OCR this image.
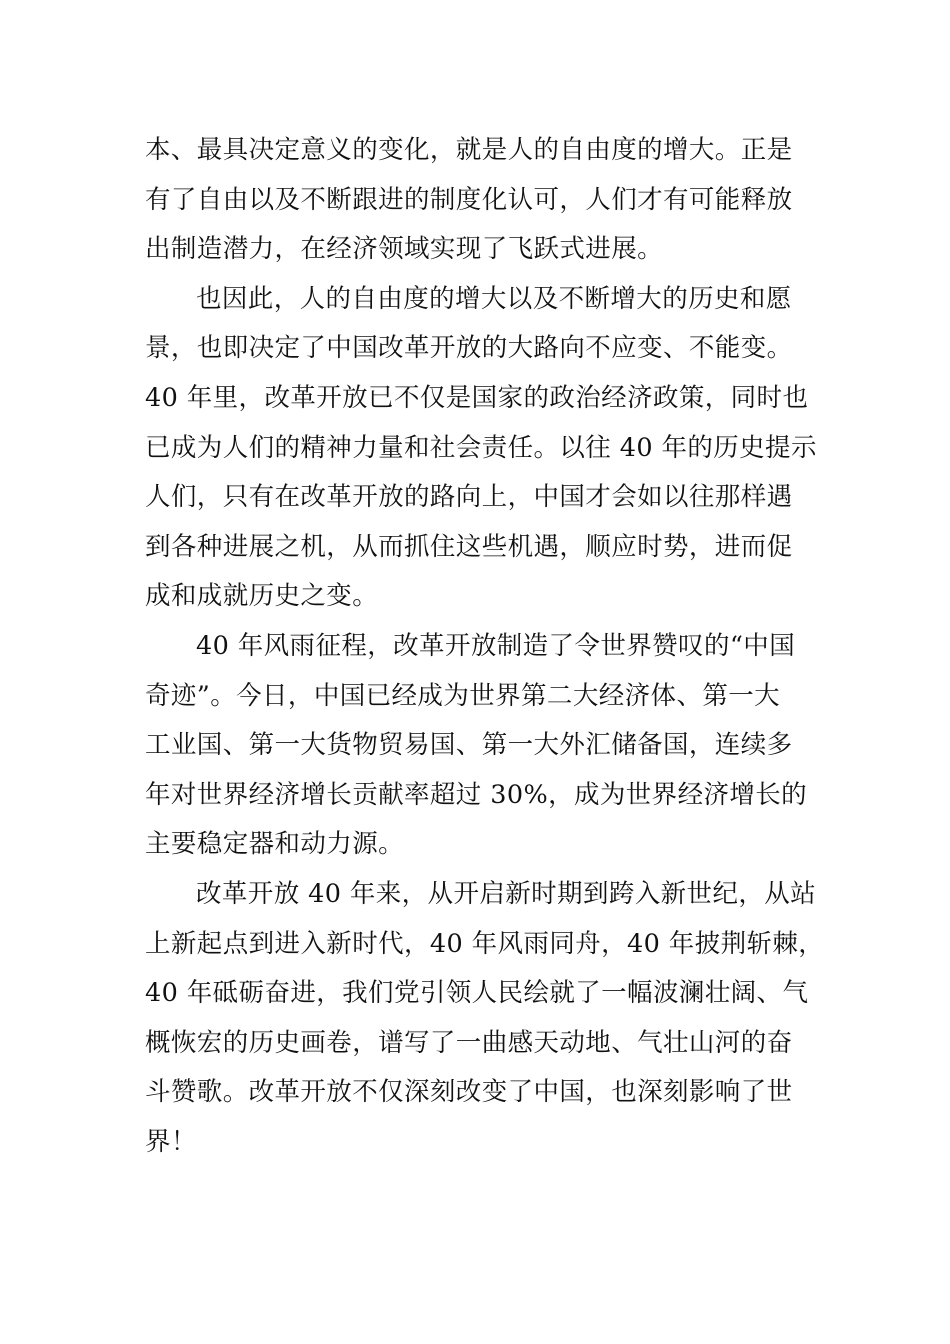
本、最具决定意义的变化，就是人的自由度的增大。正是
有了自由以及不断跟进的制度化认可，人们才有可能释放
出制造潜力，在经济领域实现了飞跃式进展。
也因此，人的自由度的增大以及不断增大的历史和愿
景，也即决定了中国改革开放的大路向不应变、不能变。
40 年里，改革开放已不仅是国家的政治经济政策，同时也
已成为人们的精神力量和社会责任。以往 40 年的历史提示
人们，只有在改革开放的路向上，中国才会如以往那样遇
到各种进展之机，从而抓住这些机遇，顺应时势，进而促
成和成就历史之变。
40 年风雨征程，改革开放制造了令世界赞叹的“中国
奇迹”。今日，中国已经成为世界第二大经济体、第一大
工业国、第一大货物贸易国、第一大外汇储备国，连续多
年对世界经济增长贡献率超过 30%，成为世界经济增长的
主要稳定器和动力源。
改革开放 40 年来，从开启新时期到跨入新世纪，从站
上新起点到进入新时代，40 年风雨同舟，40 年披荆斩棘，
40 年砥砺奋进，我们党引领人民绘就了一幅波澜壮阔、气
概恢宏的历史画卷，谱写了一曲感天动地、气壮山河的奋
斗赞歌。改革开放不仅深刻改变了中国，也深刻影响了世
界！
